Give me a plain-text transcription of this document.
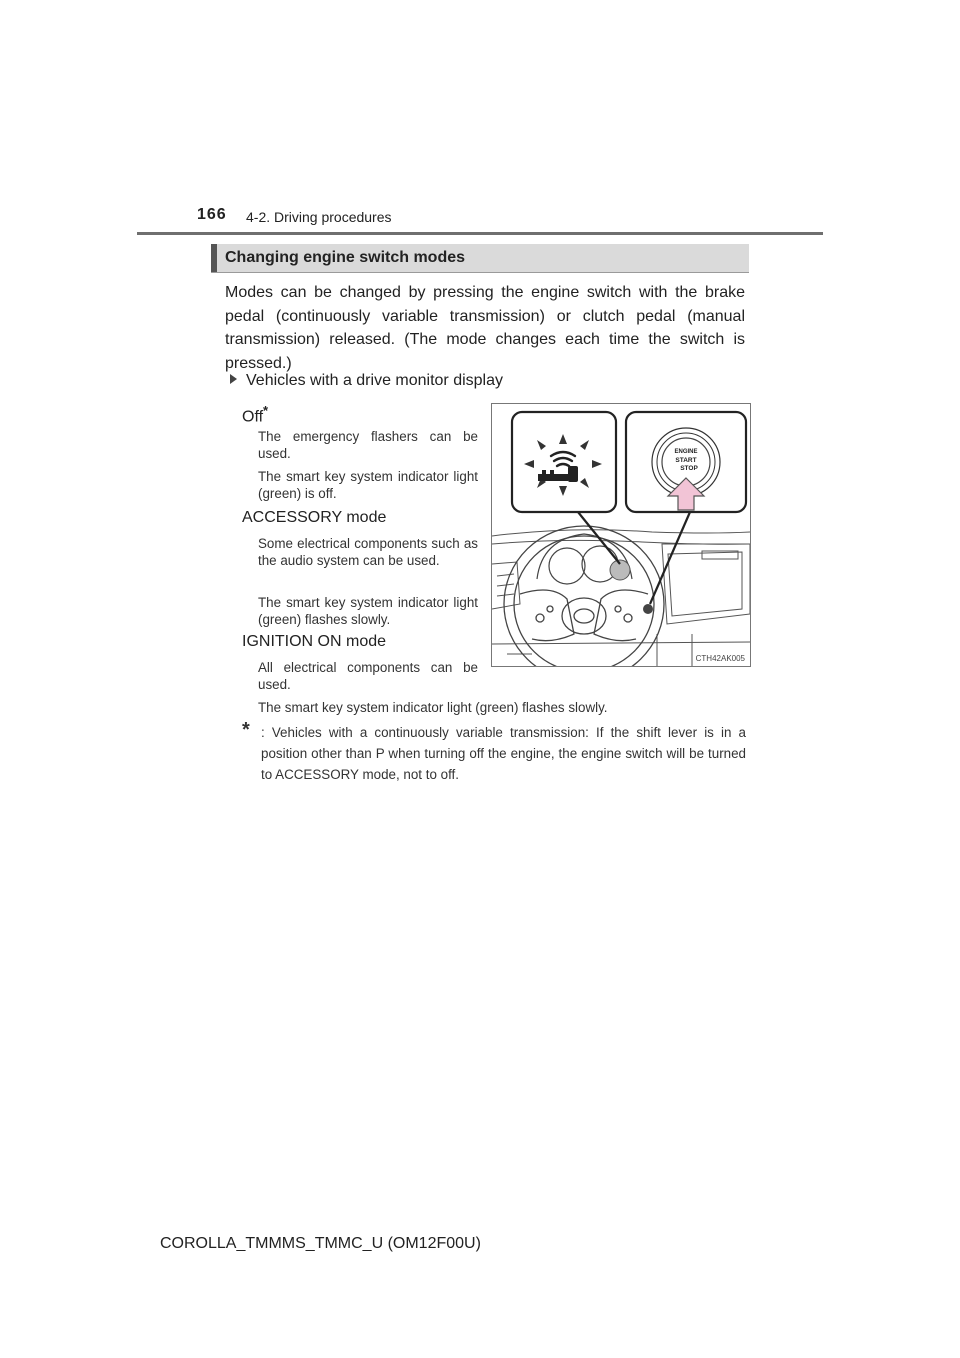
166 4-2. Driving procedures
Changing engine switch modes
Modes can be changed by pressing the engine switch with the brake pedal (continuously variable transmission) or clutch pedal (manual transmission) released. (The mode changes each time the switch is pressed.)
Vehicles with a drive monitor display
Off*
The emergency flashers can be used.
The smart key system indicator light (green) is off.
ACCESSORY mode
Some electrical components such as the audio system can be used.
The smart key system indicator light (green) flashes slowly.
IGNITION ON mode
All electrical components can be used.
The smart key system indicator light (green) flashes slowly.
* : Vehicles with a continuously variable transmission: If the shift lever is in a position other than P when turning off the engine, the engine switch will be turned to ACCESSORY mode, not to off.
ENGINE
START
STOP
CTH42AK005
COROLLA_TMMMS_TMMC_U (OM12F00U)
